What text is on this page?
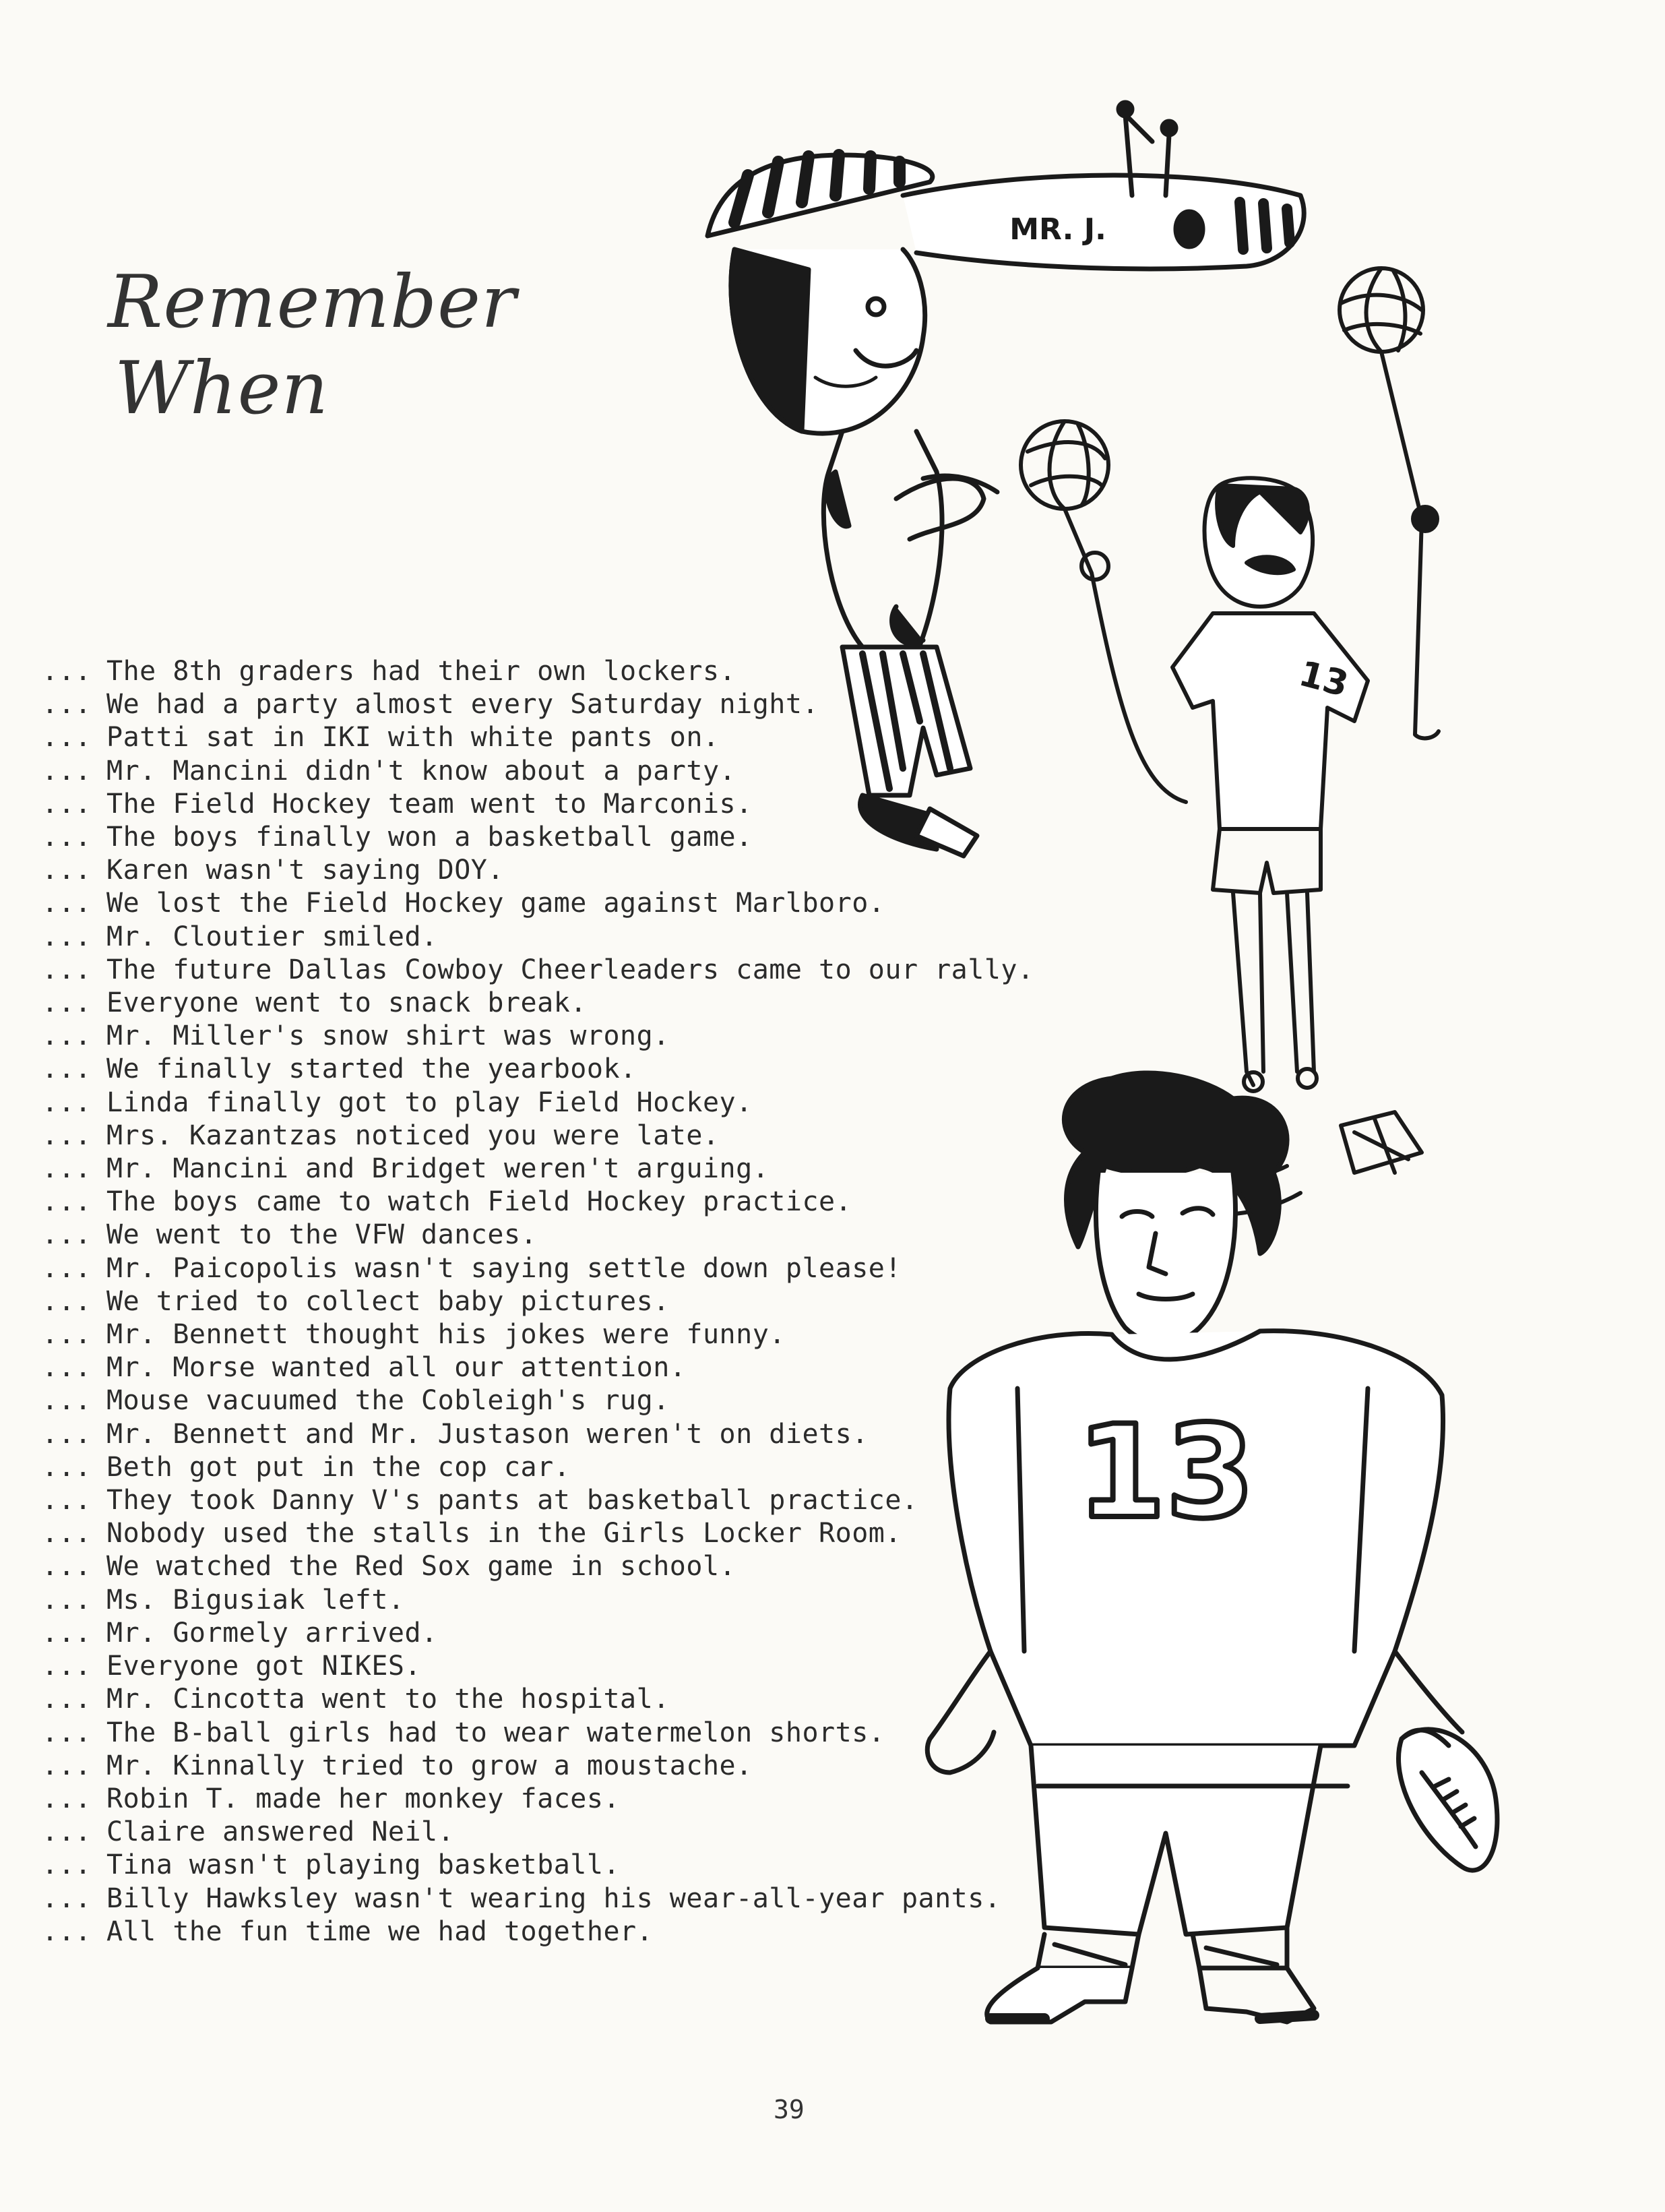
Remember
When
... The 8th graders had their own lockers.
... We had a party almost every Saturday night.
... Patti sat in IKI with white pants on.
... Mr. Mancini didn't know about a party.
... The Field Hockey team went to Marconis.
... The boys finally won a basketball game.
... Karen wasn't saying DOY.
... We lost the Field Hockey game against Marlboro.
... Mr. Cloutier smiled.
... The future Dallas Cowboy Cheerleaders came to our rally.
... Everyone went to snack break.
... Mr. Miller's snow shirt was wrong.
... We finally started the yearbook.
... Linda finally got to play Field Hockey.
... Mrs. Kazantzas noticed you were late.
... Mr. Mancini and Bridget weren't arguing.
... The boys came to watch Field Hockey practice.
... We went to the VFW dances.
... Mr. Paicopolis wasn't saying settle down please!
... We tried to collect baby pictures.
... Mr. Bennett thought his jokes were funny.
... Mr. Morse wanted all our attention.
... Mouse vacuumed the Cobleigh's rug.
... Mr. Bennett and Mr. Justason weren't on diets.
... Beth got put in the cop car.
... They took Danny V's pants at basketball practice.
... Nobody used the stalls in the Girls Locker Room.
... We watched the Red Sox game in school.
... Ms. Bigusiak left.
... Mr. Gormely arrived.
... Everyone got NIKES.
... Mr. Cincotta went to the hospital.
... The B-ball girls had to wear watermelon shorts.
... Mr. Kinnally tried to grow a moustache.
... Robin T. made her monkey faces.
... Claire answered Neil.
... Tina wasn't playing basketball.
... Billy Hawksley wasn't wearing his wear-all-year pants.
... All the fun time we had together.
MR. J.
13
13
39
